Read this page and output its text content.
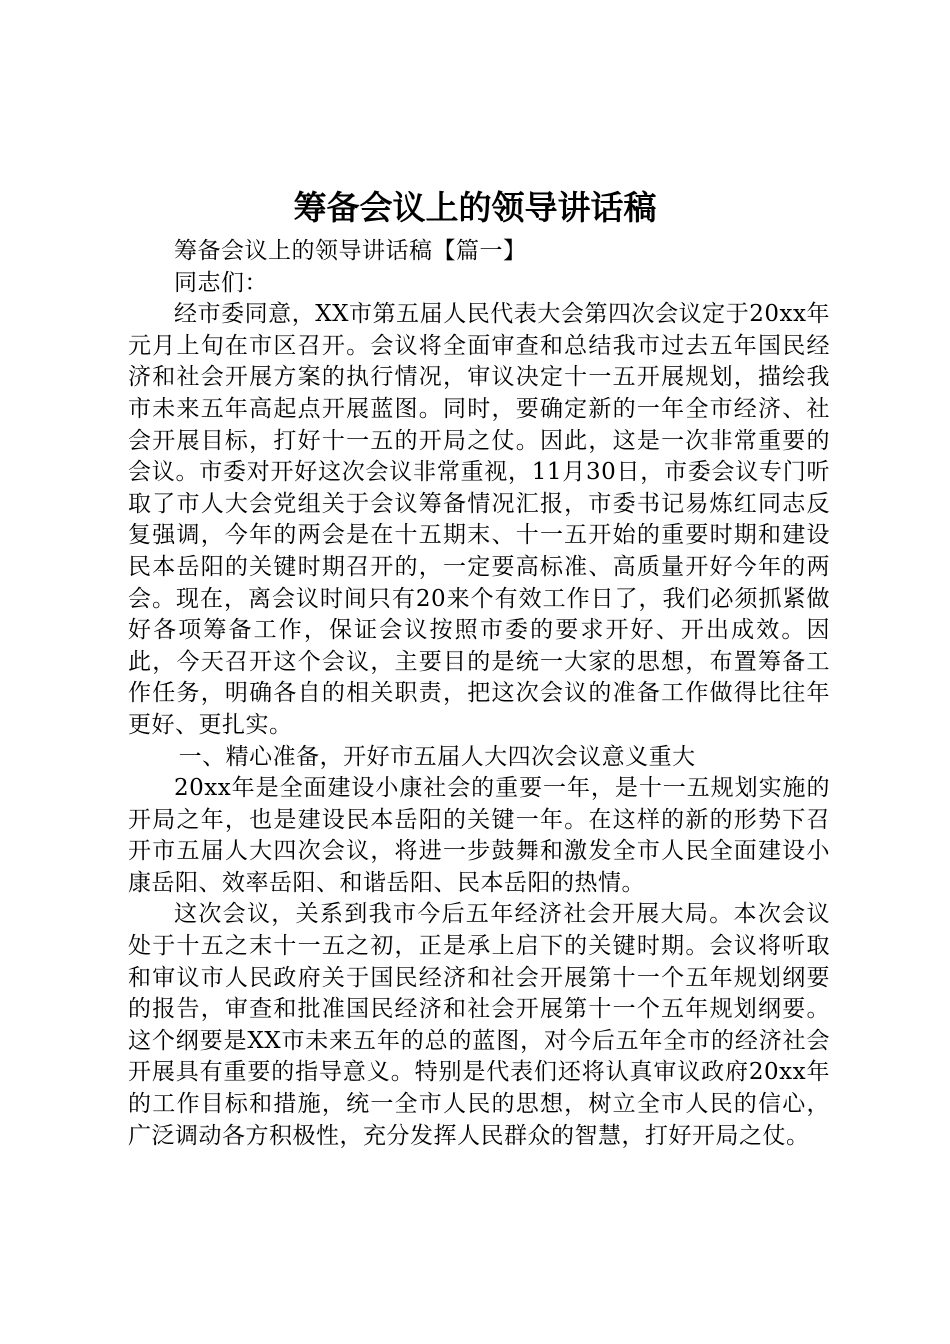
筹备会议上的领导讲话稿

筹备会议上的领导讲话稿【篇一】

同志们：

经市委同意，XX市第五届人民代表大会第四次会议定于20xx年元月上旬在市区召开。会议将全面审查和总结我市过去五年国民经济和社会开展方案的执行情况，审议决定十一五开展规划，描绘我市未来五年高起点开展蓝图。同时，要确定新的一年全市经济、社会开展目标，打好十一五的开局之仗。因此，这是一次非常重要的会议。市委对开好这次会议非常重视，11月30日，市委会议专门听取了市人大会党组关于会议筹备情况汇报，市委书记易炼红同志反复强调，今年的两会是在十五期末、十一五开始的重要时期和建设民本岳阳的关键时期召开的，一定要高标准、高质量开好今年的两会。现在，离会议时间只有20来个有效工作日了，我们必须抓紧做好各项筹备工作，保证会议按照市委的要求开好、开出成效。因此，今天召开这个会议，主要目的是统一大家的思想，布置筹备工作任务，明确各自的相关职责，把这次会议的准备工作做得比往年更好、更扎实。

一、精心准备，开好市五届人大四次会议意义重大

20xx年是全面建设小康社会的重要一年，是十一五规划实施的开局之年，也是建设民本岳阳的关键一年。在这样的新的形势下召开市五届人大四次会议，将进一步鼓舞和激发全市人民全面建设小康岳阳、效率岳阳、和谐岳阳、民本岳阳的热情。

这次会议，关系到我市今后五年经济社会开展大局。本次会议处于十五之末十一五之初，正是承上启下的关键时期。会议将听取和审议市人民政府关于国民经济和社会开展第十一个五年规划纲要的报告，审查和批准国民经济和社会开展第十一个五年规划纲要。这个纲要是XX市未来五年的总的蓝图，对今后五年全市的经济社会开展具有重要的指导意义。特别是代表们还将认真审议政府20xx年的工作目标和措施，统一全市人民的思想，树立全市人民的信心，广泛调动各方积极性，充分发挥人民群众的智慧，打好开局之仗。
